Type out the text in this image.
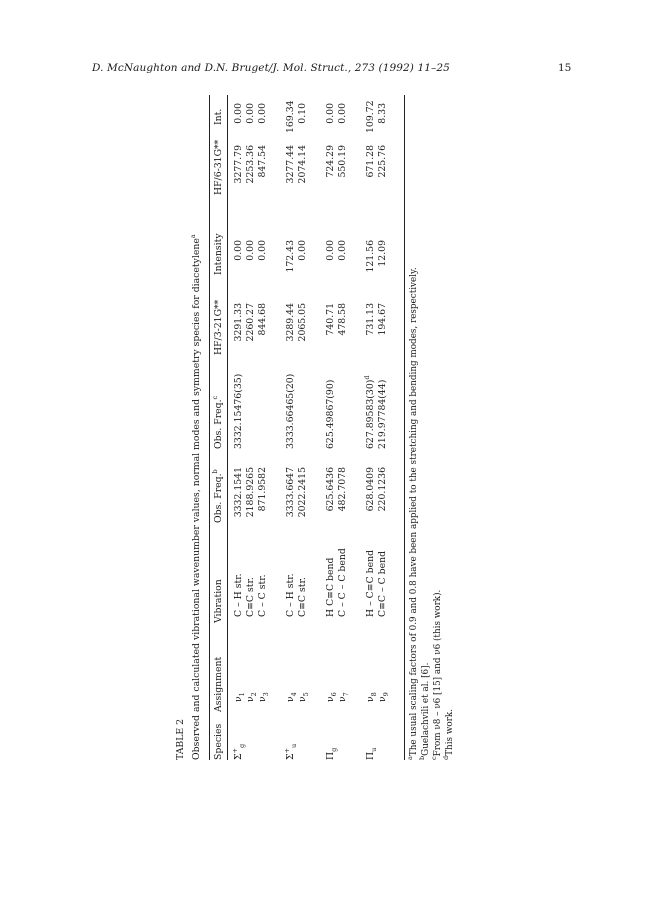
D. McNaughton and D.N. Bruget/J. Mol. Struct., 273 (1992) 11–25	15
TABLE 2 Observed and calculated vibrational wavenumber values, normal modes and symmetry species for diacetylene$^a$
Species
Assignment
Vibration
Obs. Freq.$^b$
Obs. Freq.$^c$
HF/3-21G**
Intensity
HF/6-31G**
Int.
$\Sigma^+_g$
$\nu_1$
C – H str.
3332.1541
3332.15476(35)
3291.33
0.00
3277.79
0.00
$\nu_2$
C≡C str.
2188.9265
2260.27
0.00
2253.36
0.00
$\nu_3$
C – C str.
871.9582
844.68
0.00
847.54
0.00
$\Sigma^+_u$
$\nu_4$
C – H str.
3333.6647
3333.66465(20)
3289.44
172.43
3277.44
169.34
$\nu_5$
C≡C str.
2022.2415
2065.05
0.00
2074.14
0.10
$\Pi_g$
$\nu_6$
H C≡C bend
625.6436
625.49867(90)
740.71
0.00
724.29
0.00
$\nu_7$
C – C – C bend
482.7078
478.58
0.00
550.19
0.00
$\Pi_u$
$\nu_8$
H – C≡C bend
628.0409
$627.89583(30)^d$
731.13
121.56
671.28
109.72
$\nu_9$
C≡C – C bend
220.1236
219.97784(44)
194.67
12.09
225.76
8.33
$^a$The usual scaling factors of 0.9 and 0.8 have been applied to the stretching and bending modes, respectively.
$^b$Guelachvili et al. [6].
$^c$From ν8 – ν6 [15] and ν6 (this work).
$^d$This work.
